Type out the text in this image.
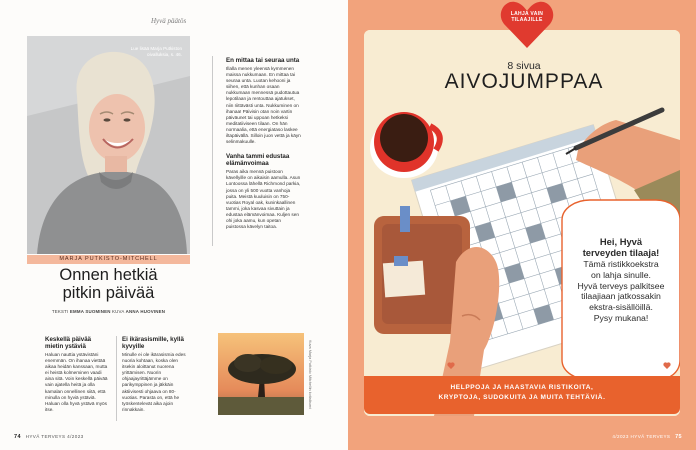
Hyvä päätös
Lue lisää Marja Putkiston oivalluksia, s. 46.
MARJA PUTKISTO-MITCHELL
Onnen hetkiä
pitkin päivää
TEKSTI EMMA SUOMINEN KUVA ANNA HUOVINEN
En mittaa tai seuraa unta
Illalla menen yleensä kymmenen maissa nukkumaan. En mittaa tai seuraa unta. Luotan kehooni ja siihen, että kunhan osaan nukkumaan mennessä pudottautua lepotilaan ja rentouttaa ajatukset, niin riittävästi unta. Nukkuminen on ihanaa! Päivisin otan noin vartin päiväunet tai uppoan hetkeksi meditatiiviseen tilaan. On hän normaalia, että energiataso laskee iltapäivällä. Silloin juon vettä ja käyn selinmakuulle.
Vanha tammi edustaa elämänvoimaa
Paras aika mennä puistoon kävellyille on aikaisin aamulla. Asun Lontoossa lähellä Richmond parkia, jossa on yli 500 vuotta vanhoja puita. Meistä kuuluisin on 750-vuotias Royal oak, kuninkaallinen tammi, joka kasvaa sivuttain ja edustaa elämänvoimaa. Kuljen sen ohi joka aamu, kun opetan puistossa kävelyn taitoa.
Keskellä päivää mietin ystäviä
Haluan nauttia ystävistäni enemmän. On ihanaa viettää aikaa heidän kanssaan, mutta ei heistä kolmeminen vaadi aina sitä. Voin keskellä päivää vain ajatella heitä ja olla kamalan onnellinen siitä, että minulla on hyviä ystäviä. Haluan olla hyvä ystävä myös itse.
Ei ikärasismille, kyllä kyvyille
Minulle ei ole ikärasismia edes nuoria kohtaan, koska olen itsekin aloittanut nuorena yrittämisen. Nuorin ohjaajayrittäjämme on parikymppinen ja jäkkäin aktiivisesti ohjaava on 80-vuotias. Parasta on, että he työskentelevät aika ajoin rinnakkain.
Kuva Marja Putkisto Mitchellin kotialbumi
74 HYVÄ TERVEYS 4/2023
LAHJA VAIN
TILAAJILLE
8 sivua
AIVOJUMPPAA
Hei, Hyvä
terveyden tilaaja!
Tämä ristikkoekstra
on lahja sinulle.
Hyvä terveys palkitsee
tilaajiaan jatkossakin
ekstra-sisällöillä.
Pysy mukana!
HELPPOJA JA HAASTAVIA RISTIKOITA,
KRYPTOJA, SUDOKUITA JA MUITA TEHTÄVIÄ.
4/2023 HYVÄ TERVEYS 75
